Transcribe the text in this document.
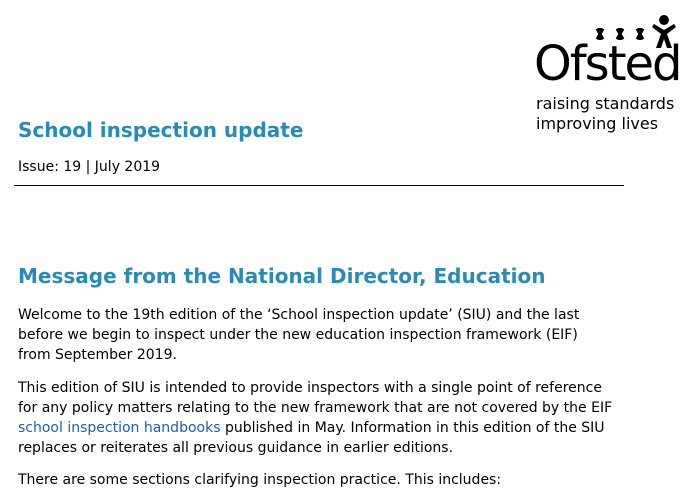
Ofsted
raising standards
improving lives
School inspection update
Issue: 19 | July 2019
Message from the National Director, Education

Welcome to the 19th edition of the ‘School inspection update’ (SIU) and the last
before we begin to inspect under the new education inspection framework (EIF)
from September 2019.

This edition of SIU is intended to provide inspectors with a single point of reference
for any policy matters relating to the new framework that are not covered by the EIF
school inspection handbooks published in May. Information in this edition of the SIU
replaces or reiterates all previous guidance in earlier editions.

There are some sections clarifying inspection practice. This includes:
